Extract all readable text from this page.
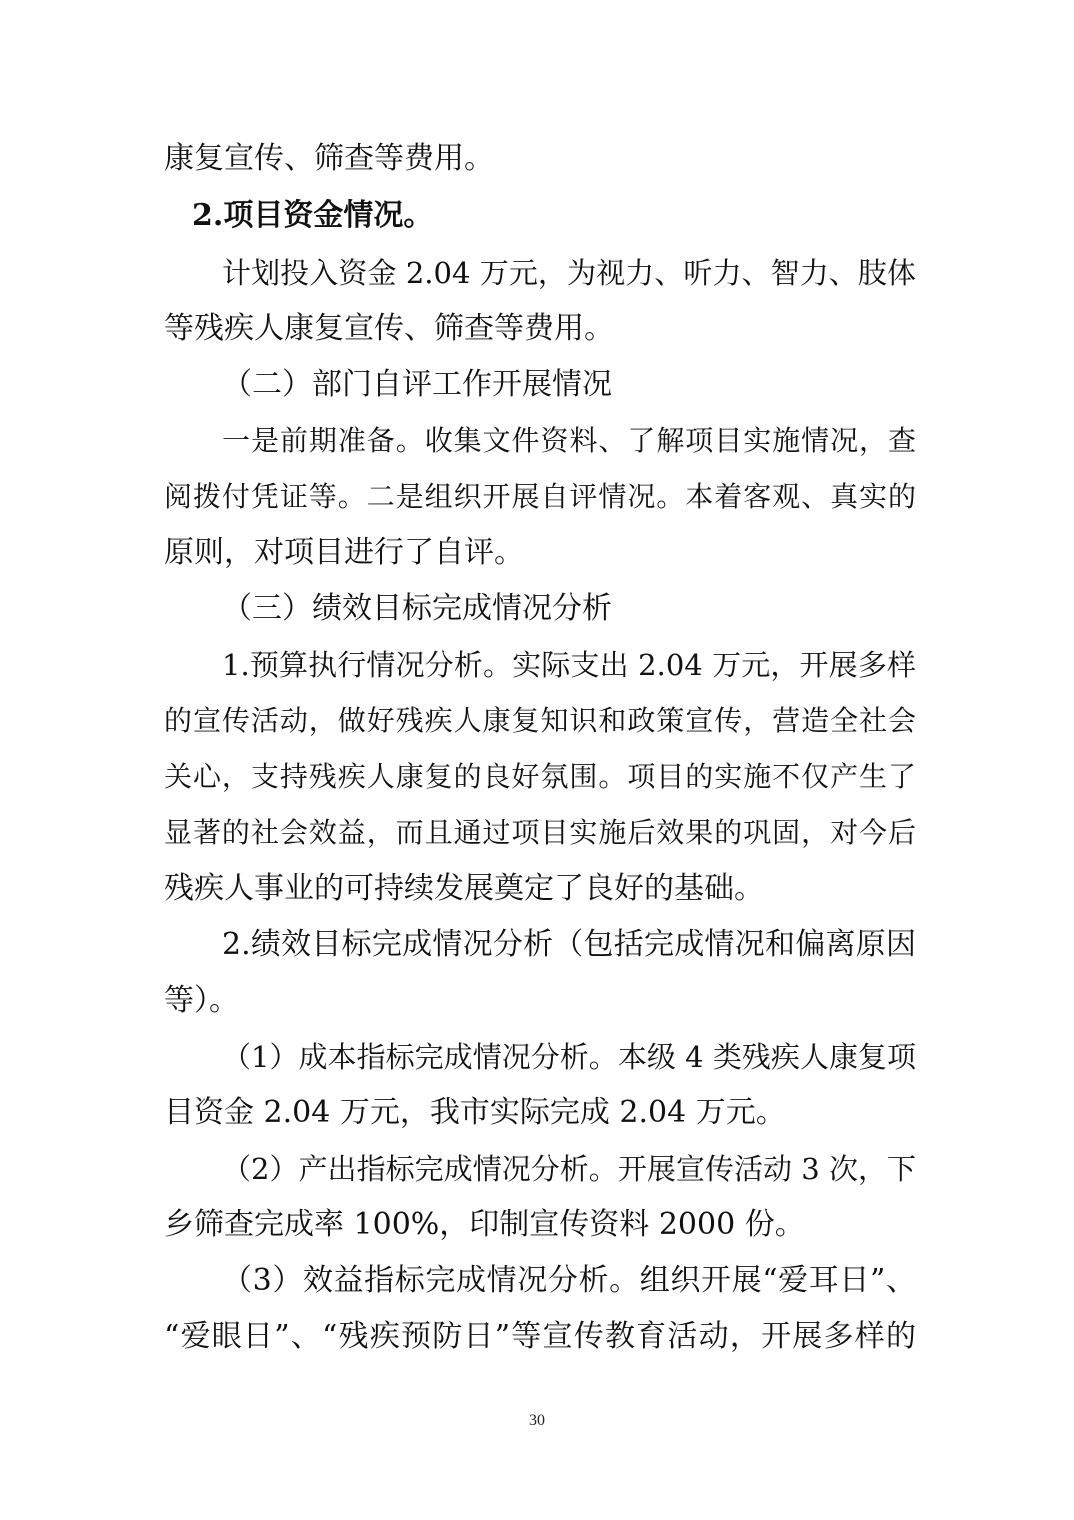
康复宣传、筛查等费用。
2.项目资金情况。
计划投入资金 2.04 万元，为视力、听力、智力、肢体
等残疾人康复宣传、筛查等费用。
（二）部门自评工作开展情况
一是前期准备。收集文件资料、了解项目实施情况，查
阅拨付凭证等。二是组织开展自评情况。本着客观、真实的
原则，对项目进行了自评。
（三）绩效目标完成情况分析
1.预算执行情况分析。实际支出 2.04 万元，开展多样
的宣传活动，做好残疾人康复知识和政策宣传，营造全社会
关心，支持残疾人康复的良好氛围。项目的实施不仅产生了
显著的社会效益，而且通过项目实施后效果的巩固，对今后
残疾人事业的可持续发展奠定了良好的基础。
2.绩效目标完成情况分析（包括完成情况和偏离原因
等）。
（1）成本指标完成情况分析。本级 4 类残疾人康复项
目资金 2.04 万元，我市实际完成 2.04 万元。
（2）产出指标完成情况分析。开展宣传活动 3 次，下
乡筛查完成率 100%，印制宣传资料 2000 份。
（3）效益指标完成情况分析。组织开展“爱耳日”、
“爱眼日”、“残疾预防日”等宣传教育活动，开展多样的
30
